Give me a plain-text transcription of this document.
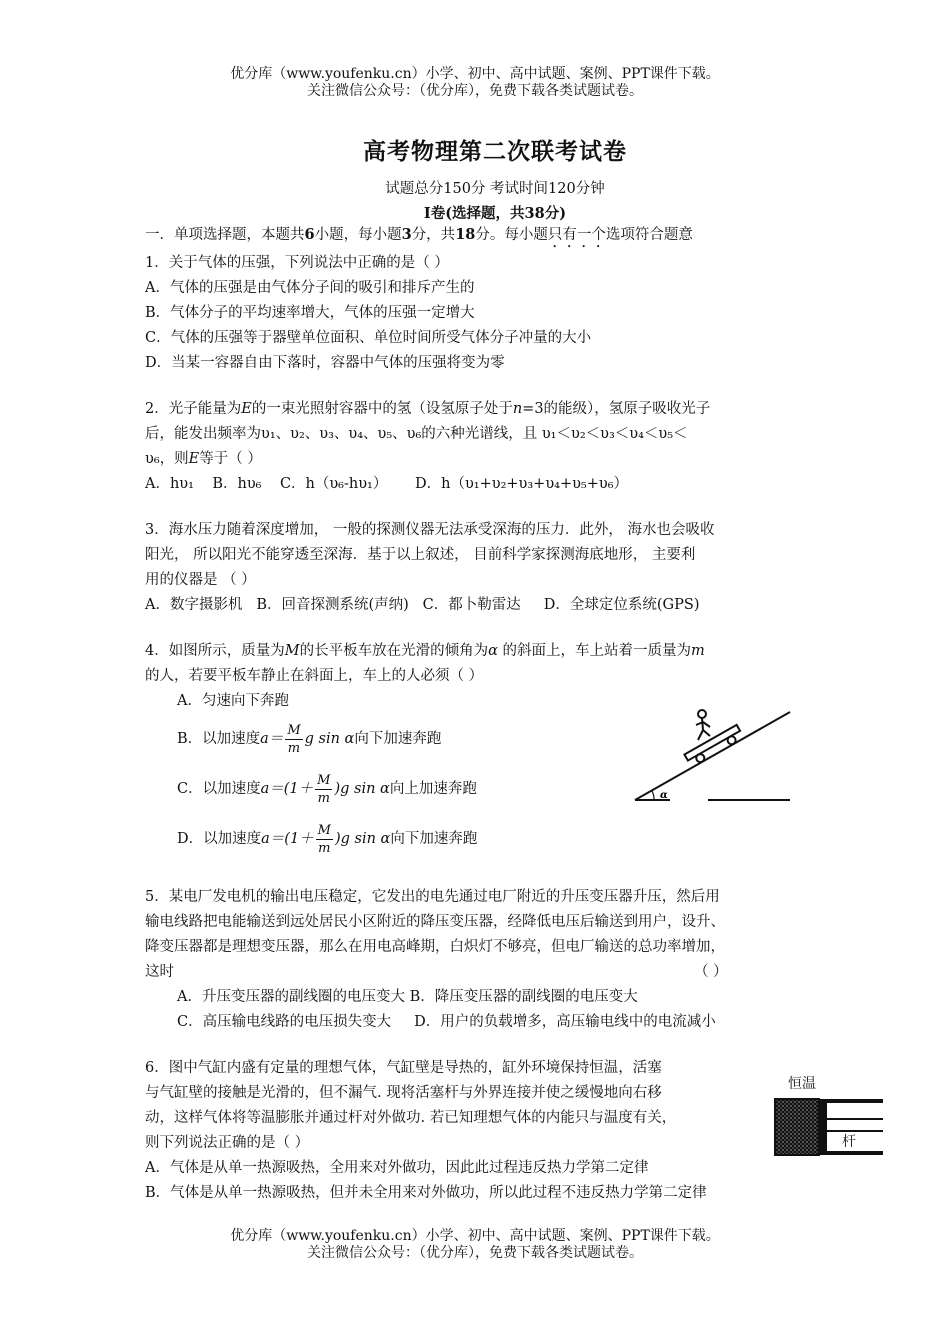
优分库（www.youfenku.cn）小学、初中、高中试题、案例、PPT课件下载。
关注微信公众号：（优分库），免费下载各类试题试卷。
高考物理第二次联考试卷
试题总分150分 考试时间120分钟
I卷(选择题，共38分)

一．单项选择题，本题共6小题，每小题3分，共18分。每小题只有一个选项符合题意

1．关于气体的压强，下列说法中正确的是（ ）

A．气体的压强是由气体分子间的吸引和排斥产生的

B．气体分子的平均速率增大，气体的压强一定增大

C．气体的压强等于器壁单位面积、单位时间所受气体分子冲量的大小

D．当某一容器自由下落时，容器中气体的压强将变为零

2．光子能量为E的一束光照射容器中的氢（设氢原子处于n=3的能级），氢原子吸收光子

后，能发出频率为υ₁、υ₂、υ₃、υ₄、υ₅、υ₆的六种光谱线，且 υ₁＜υ₂＜υ₃＜υ₄＜υ₅＜

υ₆，则E等于（ ）

A．hυ₁ B．hυ₆ C．h（υ₆-hυ₁） D．h（υ₁+υ₂+υ₃+υ₄+υ₅+υ₆）

3．海水压力随着深度增加， 一般的探测仪器无法承受深海的压力．此外， 海水也会吸收

阳光， 所以阳光不能穿透至深海．基于以上叙述， 目前科学家探测海底地形， 主要利

用的仪器是 （ ）

A．数字摄影机 B．回音探测系统(声纳) C．都卜勒雷达 D．全球定位系统(GPS)

4．如图所示，质量为M的长平板车放在光滑的倾角为α 的斜面上，车上站着一质量为m

的人，若要平板车静止在斜面上，车上的人必须（ ）

A．匀速向下奔跑

B．以加速度$a= \frac{M}{m}$ g sin α向下加速奔跑

C．以加速度$a=(1+ \frac{M}{m} )g$ sin α向上加速奔跑

D．以加速度$a=(1+ \frac{M}{m} )g$ sin α向下加速奔跑

5．某电厂发电机的输出电压稳定，它发出的电先通过电厂附近的升压变压器升压，然后用

输电线路把电能输送到远处居民小区附近的降压变压器，经降低电压后输送到用户，设升、

降变压器都是理想变压器，那么在用电高峰期，白炽灯不够亮，但电厂输送的总功率增加，

这时	（ ）

A．升压变压器的副线圈的电压变大 B．降压变压器的副线圈的电压变大

C．高压输电线路的电压损失变大 D．用户的负载增多，高压输电线中的电流减小

6．图中气缸内盛有定量的理想气体，气缸壁是导热的，缸外环境保持恒温，活塞

与气缸壁的接触是光滑的，但不漏气. 现将活塞杆与外界连接并使之缓慢地向右移

动，这样气体将等温膨胀并通过杆对外做功. 若已知理想气体的内能只与温度有关，

则下列说法正确的是（ ）

A．气体是从单一热源吸热，全用来对外做功，因此此过程违反热力学第二定律

B．气体是从单一热源吸热，但并未全用来对外做功，所以此过程不违反热力学第二定律

α
恒温
杆
优分库（www.youfenku.cn）小学、初中、高中试题、案例、PPT课件下载。
关注微信公众号：（优分库），免费下载各类试题试卷。
